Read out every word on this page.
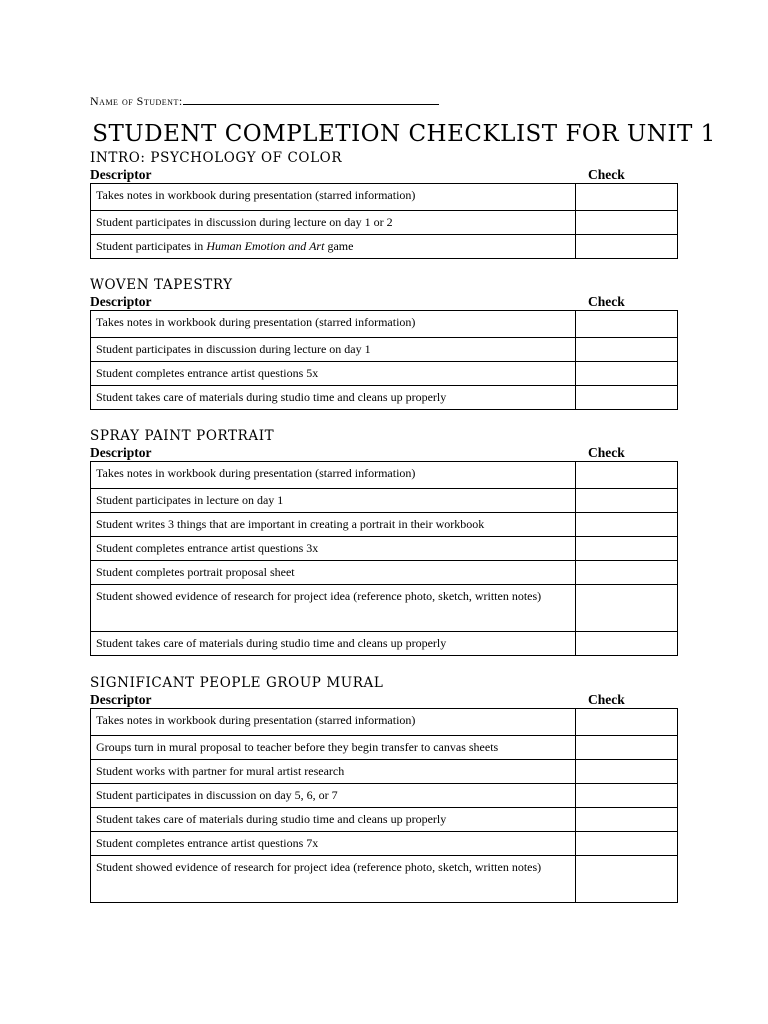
Name of Student:
STUDENT COMPLETION CHECKLIST FOR UNIT 1
INTRO: PSYCHOLOGY OF COLOR
Descriptor	Check
Takes notes in workbook during presentation (starred information)	
Student participates in discussion during lecture on day 1 or 2	
Student participates in Human Emotion and Art game	
WOVEN TAPESTRY
Descriptor	Check
Takes notes in workbook during presentation (starred information)	
Student participates in discussion during lecture on day 1	
Student completes entrance artist questions 5x	
Student takes care of materials during studio time and cleans up properly	
SPRAY PAINT PORTRAIT
Descriptor	Check
Takes notes in workbook during presentation (starred information)	
Student participates in lecture on day 1	
Student writes 3 things that are important in creating a portrait in their workbook	
Student completes entrance artist questions 3x	
Student completes portrait proposal sheet	
Student showed evidence of research for project idea (reference photo, sketch, written notes)	
Student takes care of materials during studio time and cleans up properly	
SIGNIFICANT PEOPLE GROUP MURAL
Descriptor	Check
Takes notes in workbook during presentation (starred information)	
Groups turn in mural proposal to teacher before they begin transfer to canvas sheets	
Student works with partner for mural artist research	
Student participates in discussion on day 5, 6, or 7	
Student takes care of materials during studio time and cleans up properly	
Student completes entrance artist questions 7x	
Student showed evidence of research for project idea (reference photo, sketch, written notes)	
